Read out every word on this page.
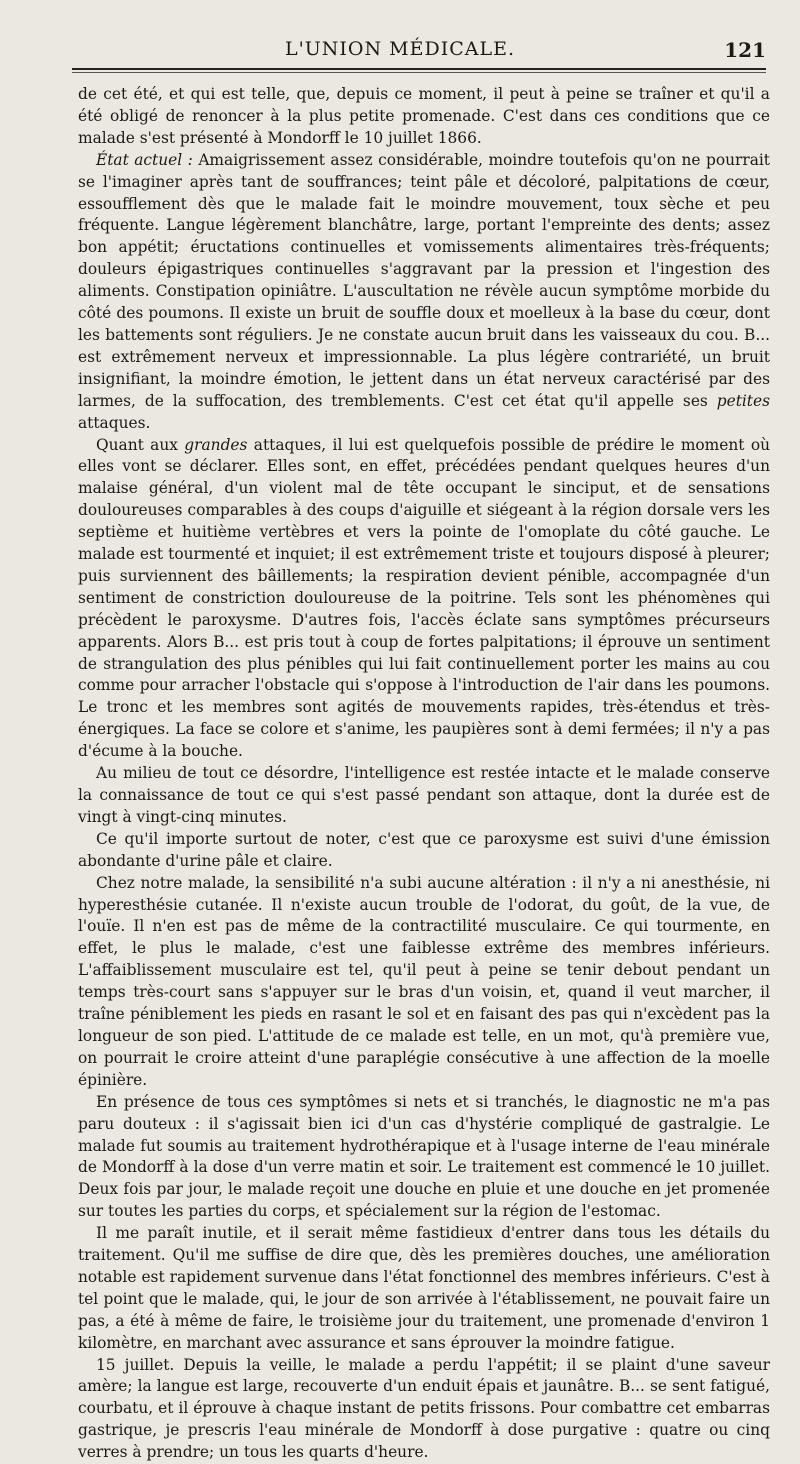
L'UNION MÉDICALE.	121

de cet été, et qui est telle, que, depuis ce moment, il peut à peine se traîner et qu'il a été obligé de renoncer à la plus petite promenade. C'est dans ces conditions que ce malade s'est présenté à Mondorff le 10 juillet 1866.

État actuel : Amaigrissement assez considérable, moindre toutefois qu'on ne pourrait se l'imaginer après tant de souffrances; teint pâle et décoloré, palpitations de cœur, essoufflement dès que le malade fait le moindre mouvement, toux sèche et peu fréquente. Langue légèrement blanchâtre, large, portant l'empreinte des dents; assez bon appétit; éructations continuelles et vomissements alimentaires très-fréquents; douleurs épigastriques continuelles s'aggravant par la pression et l'ingestion des aliments. Constipation opiniâtre. L'auscultation ne révèle aucun symptôme morbide du côté des poumons. Il existe un bruit de souffle doux et moelleux à la base du cœur, dont les battements sont réguliers. Je ne constate aucun bruit dans les vaisseaux du cou. B... est extrêmement nerveux et impressionnable. La plus légère contrariété, un bruit insignifiant, la moindre émotion, le jettent dans un état nerveux caractérisé par des larmes, de la suffocation, des tremblements. C'est cet état qu'il appelle ses petites attaques.

Quant aux grandes attaques, il lui est quelquefois possible de prédire le moment où elles vont se déclarer. Elles sont, en effet, précédées pendant quelques heures d'un malaise général, d'un violent mal de tête occupant le sinciput, et de sensations douloureuses comparables à des coups d'aiguille et siégeant à la région dorsale vers les septième et huitième vertèbres et vers la pointe de l'omoplate du côté gauche. Le malade est tourmenté et inquiet; il est extrêmement triste et toujours disposé à pleurer; puis surviennent des bâillements; la respiration devient pénible, accompagnée d'un sentiment de constriction douloureuse de la poitrine. Tels sont les phénomènes qui précèdent le paroxysme. D'autres fois, l'accès éclate sans symptômes précurseurs apparents. Alors B... est pris tout à coup de fortes palpitations; il éprouve un sentiment de strangulation des plus pénibles qui lui fait continuellement porter les mains au cou comme pour arracher l'obstacle qui s'oppose à l'introduction de l'air dans les poumons. Le tronc et les membres sont agités de mouvements rapides, très-étendus et très-énergiques. La face se colore et s'anime, les paupières sont à demi fermées; il n'y a pas d'écume à la bouche.

Au milieu de tout ce désordre, l'intelligence est restée intacte et le malade conserve la connaissance de tout ce qui s'est passé pendant son attaque, dont la durée est de vingt à vingt-cinq minutes.

Ce qu'il importe surtout de noter, c'est que ce paroxysme est suivi d'une émission abondante d'urine pâle et claire.

Chez notre malade, la sensibilité n'a subi aucune altération : il n'y a ni anesthésie, ni hyperesthésie cutanée. Il n'existe aucun trouble de l'odorat, du goût, de la vue, de l'ouïe. Il n'en est pas de même de la contractilité musculaire. Ce qui tourmente, en effet, le plus le malade, c'est une faiblesse extrême des membres inférieurs. L'affaiblissement musculaire est tel, qu'il peut à peine se tenir debout pendant un temps très-court sans s'appuyer sur le bras d'un voisin, et, quand il veut marcher, il traîne péniblement les pieds en rasant le sol et en faisant des pas qui n'excèdent pas la longueur de son pied. L'attitude de ce malade est telle, en un mot, qu'à première vue, on pourrait le croire atteint d'une paraplégie consécutive à une affection de la moelle épinière.

En présence de tous ces symptômes si nets et si tranchés, le diagnostic ne m'a pas paru douteux : il s'agissait bien ici d'un cas d'hystérie compliqué de gastralgie. Le malade fut soumis au traitement hydrothérapique et à l'usage interne de l'eau minérale de Mondorff à la dose d'un verre matin et soir. Le traitement est commencé le 10 juillet. Deux fois par jour, le malade reçoit une douche en pluie et une douche en jet promenée sur toutes les parties du corps, et spécialement sur la région de l'estomac.

Il me paraît inutile, et il serait même fastidieux d'entrer dans tous les détails du traitement. Qu'il me suffise de dire que, dès les premières douches, une amélioration notable est rapidement survenue dans l'état fonctionnel des membres inférieurs. C'est à tel point que le malade, qui, le jour de son arrivée à l'établissement, ne pouvait faire un pas, a été à même de faire, le troisième jour du traitement, une promenade d'environ 1 kilomètre, en marchant avec assurance et sans éprouver la moindre fatigue.

15 juillet. Depuis la veille, le malade a perdu l'appétit; il se plaint d'une saveur amère; la langue est large, recouverte d'un enduit épais et jaunâtre. B... se sent fatigué, courbatu, et il éprouve à chaque instant de petits frissons. Pour combattre cet embarras gastrique, je prescris l'eau minérale de Mondorff à dose purgative : quatre ou cinq verres à prendre; un tous les quarts d'heure.
